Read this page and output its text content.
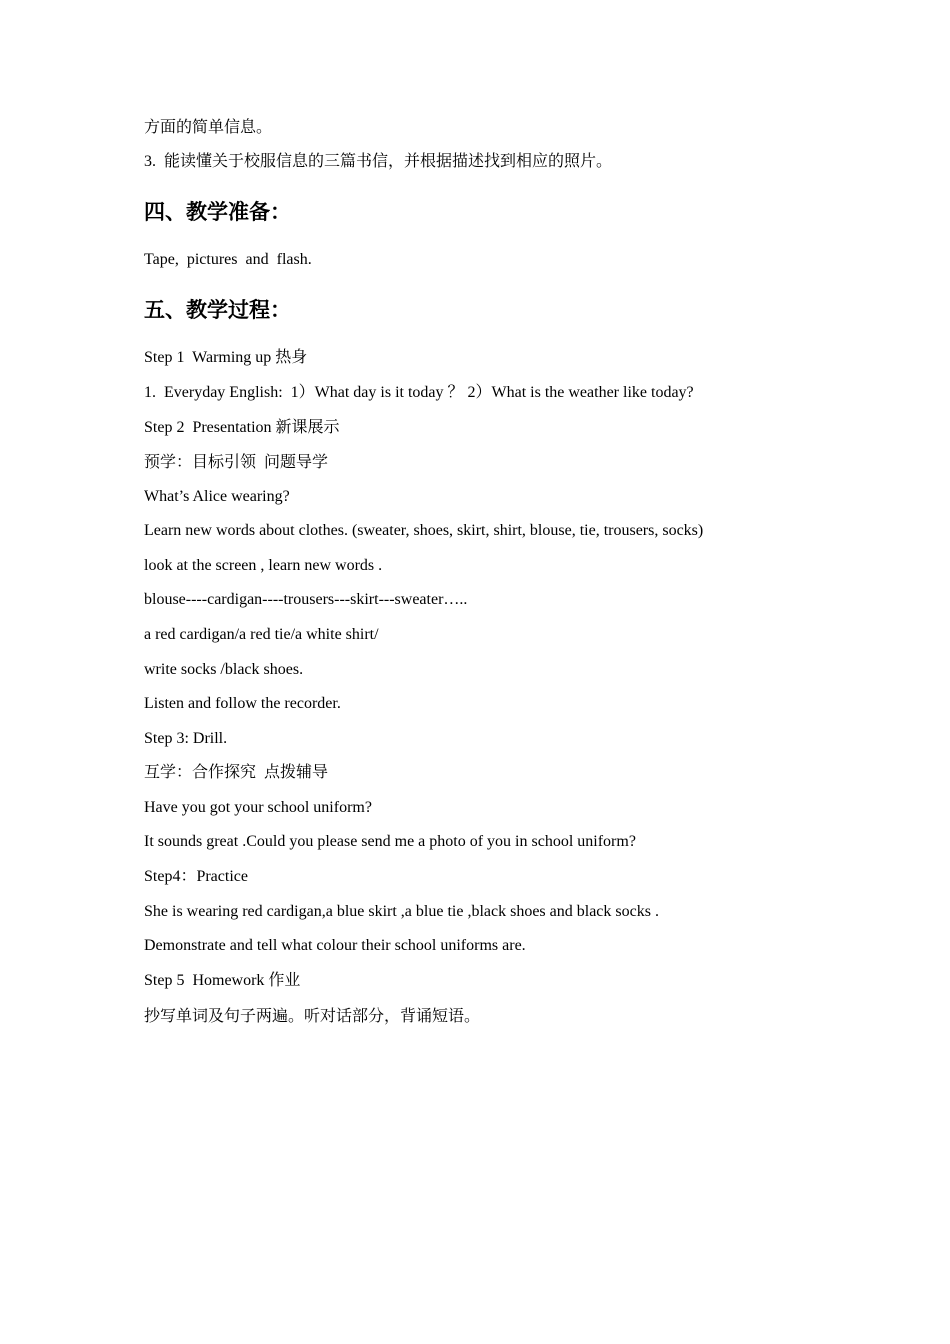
方面的简单信息。
3.  能读懂关于校服信息的三篇书信，并根据描述找到相应的照片。
四、教学准备：
Tape,  pictures  and  flash.
五、教学过程：
Step 1  Warming up 热身
1.  Everyday English:  1）What day is it today ？ 2）What is the weather like today?
Step 2  Presentation 新课展示
预学：目标引领  问题导学
What’s Alice wearing?
Learn new words about clothes. (sweater, shoes, skirt, shirt, blouse, tie, trousers, socks)
look at the screen , learn new words .
blouse----cardigan----trousers---skirt---sweater…..
a red cardigan/a red tie/a white shirt/
write socks /black shoes.
Listen and follow the recorder.
Step 3: Drill.
互学：合作探究  点拨辅导
Have you got your school uniform?
It sounds great .Could you please send me a photo of you in school uniform?
Step4：Practice
She is wearing red cardigan,a blue skirt ,a blue tie ,black shoes and black socks .
Demonstrate and tell what colour their school uniforms are.
Step 5  Homework 作业
抄写单词及句子两遍。听对话部分，背诵短语。
